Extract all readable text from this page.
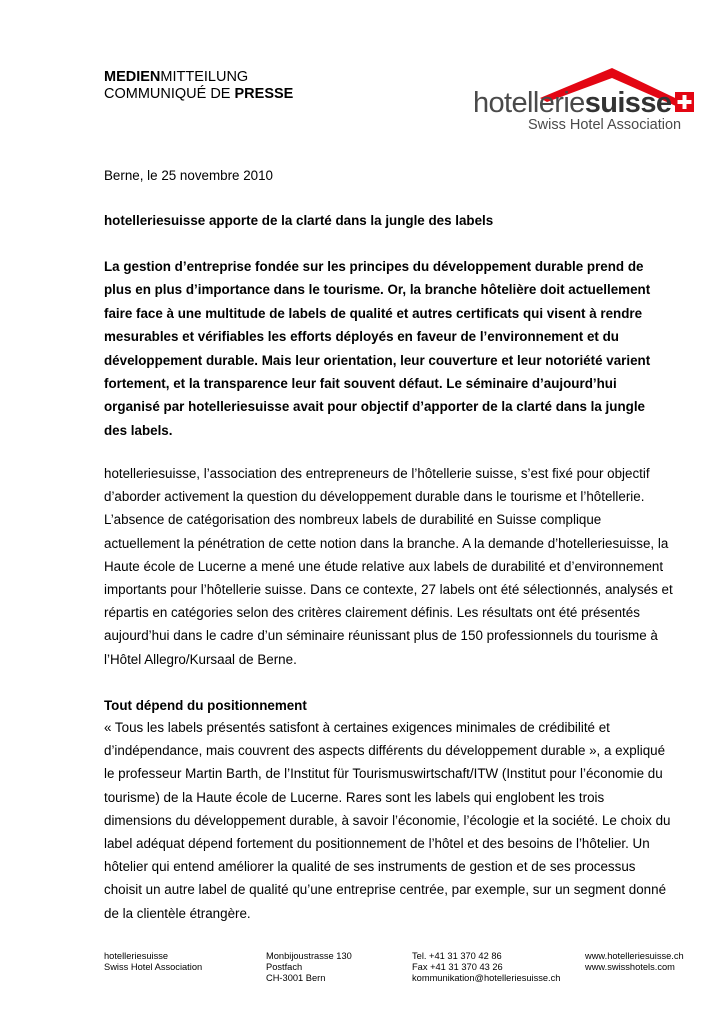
MEDIENMITTEILUNG
COMMUNIQUÉ DE PRESSE	hotelleriesuisse
Swiss Hotel Association
Berne, le 25 novembre 2010
hotelleriesuisse apporte de la clarté dans la jungle des labels
La gestion d’entreprise fondée sur les principes du développement durable prend de
plus en plus d’importance dans le tourisme. Or, la branche hôtelière doit actuellement
faire face à une multitude de labels de qualité et autres certificats qui visent à rendre
mesurables et vérifiables les efforts déployés en faveur de l’environnement et du
développement durable. Mais leur orientation, leur couverture et leur notoriété varient
fortement, et la transparence leur fait souvent défaut. Le séminaire d’aujourd’hui
organisé par hotelleriesuisse avait pour objectif d’apporter de la clarté dans la jungle
des labels.
hotelleriesuisse, l’association des entrepreneurs de l’hôtellerie suisse, s’est fixé pour objectif
d’aborder activement la question du développement durable dans le tourisme et l’hôtellerie.
L’absence de catégorisation des nombreux labels de durabilité en Suisse complique
actuellement la pénétration de cette notion dans la branche. A la demande d’hotelleriesuisse, la
Haute école de Lucerne a mené une étude relative aux labels de durabilité et d’environnement
importants pour l’hôtellerie suisse. Dans ce contexte, 27 labels ont été sélectionnés, analysés et
répartis en catégories selon des critères clairement définis. Les résultats ont été présentés
aujourd’hui dans le cadre d’un séminaire réunissant plus de 150 professionnels du tourisme à
l’Hôtel Allegro/Kursaal de Berne.
Tout dépend du positionnement
« Tous les labels présentés satisfont à certaines exigences minimales de crédibilité et
d’indépendance, mais couvrent des aspects différents du développement durable », a expliqué
le professeur Martin Barth, de l’Institut für Tourismuswirtschaft/ITW (Institut pour l’économie du
tourisme) de la Haute école de Lucerne. Rares sont les labels qui englobent les trois
dimensions du développement durable, à savoir l’économie, l’écologie et la société. Le choix du
label adéquat dépend fortement du positionnement de l’hôtel et des besoins de l’hôtelier. Un
hôtelier qui entend améliorer la qualité de ses instruments de gestion et de ses processus
choisit un autre label de qualité qu’une entreprise centrée, par exemple, sur un segment donné
de la clientèle étrangère.
hotelleriesuisse
Swiss Hotel Association
Monbijoustrasse 130
Postfach
CH-3001 Bern
Tel. +41 31 370 42 86
Fax +41 31 370 43 26
kommunikation@hotelleriesuisse.ch
www.hotelleriesuisse.ch
www.swisshotels.com
